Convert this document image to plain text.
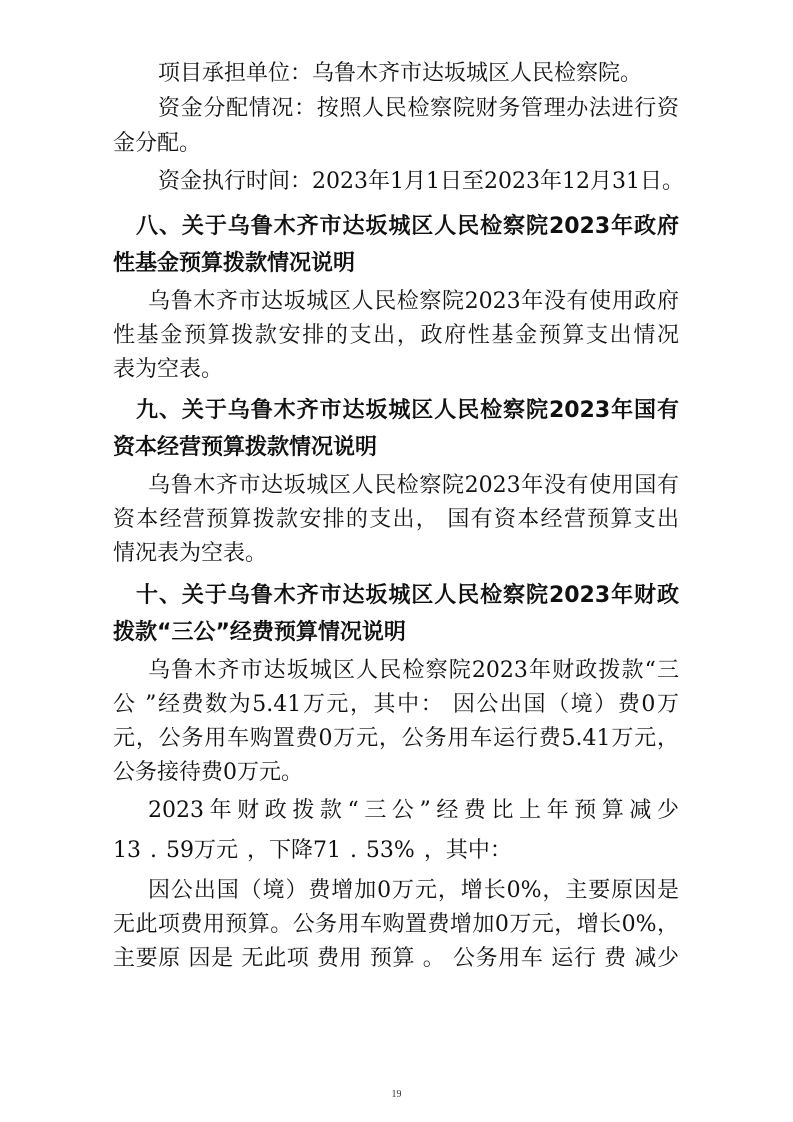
项目承担单位：乌鲁木齐市达坂城区人民检察院。
资金分配情况：按照人民检察院财务管理办法进行资
金分配。
资金执行时间：2023年1月1日至2023年12月31日。
八、关于乌鲁木齐市达坂城区人民检察院2023年政府
性基金预算拨款情况说明
乌鲁木齐市达坂城区人民检察院2023年没有使用政府
性基金预算拨款安排的支出，政府性基金预算支出情况
表为空表。
九、关于乌鲁木齐市达坂城区人民检察院2023年国有
资本经营预算拨款情况说明
乌鲁木齐市达坂城区人民检察院2023年没有使用国有
资本经营预算拨款安排的支出， 国有资本经营预算支出
情况表为空表。
十、关于乌鲁木齐市达坂城区人民检察院2023年财政
拨款“三公”经费预算情况说明
乌鲁木齐市达坂城区人民检察院2023年财政拨款“三
公 ”经费数为5.41万元，其中： 因公出国（境）费0万
元，公务用车购置费0万元，公务用车运行费5.41万元，
公务接待费0万元。
2023年财政拨款“三公”经费比上年预算减少
13 . 59万元 ，下降71 . 53% ，其中：
因公出国（境）费增加0万元，增长0%，主要原因是
无此项费用预算。公务用车购置费增加0万元，增长0%，
主要原 因是 无此项 费用 预算 。 公务用车 运行 费 减少
19
